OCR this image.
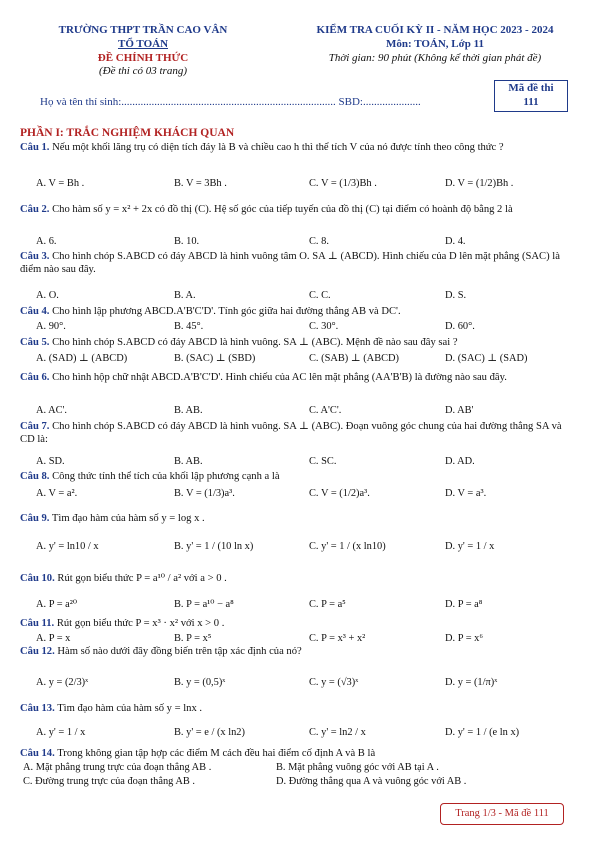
TRƯỜNG THPT TRẦN CAO VÂN
TỔ TOÁN
ĐỀ CHÍNH THỨC
(Đề thi có 03 trang)
KIỂM TRA CUỐI KỲ II - NĂM HỌC 2023 - 2024
Môn: TOÁN, Lớp 11
Thời gian: 90 phút (Không kể thời gian phát đề)
Mã đề thi
111
Họ và tên thí sinh:.............................................................................. SBD:.....................
PHẦN I: TRẮC NGHIỆM KHÁCH QUAN
Câu 1. Nếu một khối lăng trụ có diện tích đáy là B và chiều cao h thì thể tích V của nó được tính theo công thức ?
A. V = Bh .	B. V = 3Bh .	C. V = (1/3)Bh .	D. V = (1/2)Bh .
Câu 2. Cho hàm số y = x² + 2x có đồ thị (C). Hệ số góc của tiếp tuyến của đồ thị (C) tại điểm có hoành độ bằng 2 là
A. 6.	B. 10.	C. 8.	D. 4.
Câu 3. Cho hình chóp S.ABCD có đáy ABCD là hình vuông tâm O. SA ⊥ (ABCD). Hình chiếu của D lên mặt phẳng (SAC) là điểm nào sau đây.
A. O.	B. A.	C. C.	D. S.
Câu 4. Cho hình lập phương ABCD.A'B'C'D'. Tính góc giữa hai đường thẳng AB và DC'.
A. 90°.	B. 45°.	C. 30°.	D. 60°.
Câu 5. Cho hình chóp S.ABCD có đáy ABCD là hình vuông. SA ⊥ (ABC). Mệnh đề nào sau đây sai ?
A. (SAD) ⊥ (ABCD)	B. (SAC) ⊥ (SBD)	C. (SAB) ⊥ (ABCD)	D. (SAC) ⊥ (SAD)
Câu 6. Cho hình hộp chữ nhật ABCD.A'B'C'D'. Hình chiếu của AC lên mặt phẳng (AA'B'B) là đường nào sau đây.
A. AC'.	B. AB.	C. A'C'.	D. AB'
Câu 7. Cho hình chóp S.ABCD có đáy ABCD là hình vuông. SA ⊥ (ABC). Đoạn vuông góc chung của hai đường thẳng SA và CD là:
A. SD.	B. AB.	C. SC.	D. AD.
Câu 8. Công thức tính thể tích của khối lập phương cạnh a là
A. V = a².	B. V = (1/3)a³.	C. V = (1/2)a³.	D. V = a³.
Câu 9. Tìm đạo hàm của hàm số y = log x .
A. y' = ln10 / x	B. y' = 1 / (10 ln x)	C. y' = 1 / (x ln10)	D. y' = 1 / x
Câu 10. Rút gọn biểu thức P = a¹⁰ / a² với a > 0 .
A. P = a²⁰	B. P = a¹⁰ − a⁸	C. P = a⁵	D. P = a⁸
Câu 11. Rút gọn biểu thức P = x³ · x² với x > 0 .
A. P = x	B. P = x⁵	C. P = x³ + x²	D. P = x⁶
Câu 12. Hàm số nào dưới đây đồng biến trên tập xác định của nó?
A. y = (2/3)ˣ	B. y = (0,5)ˣ	C. y = (√3)ˣ	D. y = (1/π)ˣ
Câu 13. Tìm đạo hàm của hàm số y = lnx .
A. y' = 1 / x	B. y' = e / (x ln2)	C. y' = ln2 / x	D. y' = 1 / (e ln x)
Câu 14. Trong không gian tập hợp các điểm M cách đều hai điểm cố định A và B là
A. Mặt phẳng trung trực của đoạn thẳng AB .	B. Mặt phẳng vuông góc với AB tại A .
C. Đường trung trực của đoạn thẳng AB .	D. Đường thẳng qua A và vuông góc với AB .
Trang 1/3 - Mã đề 111
